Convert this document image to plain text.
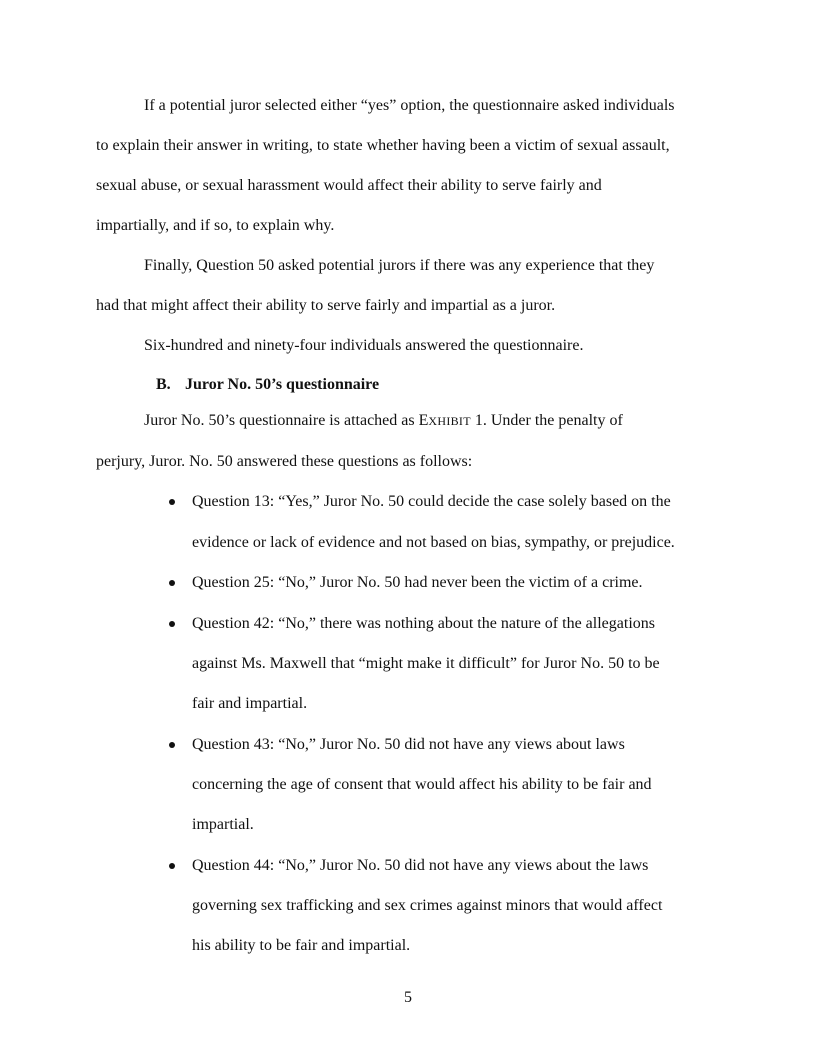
If a potential juror selected either “yes” option, the questionnaire asked individuals
to explain their answer in writing, to state whether having been a victim of sexual assault,
sexual abuse, or sexual harassment would affect their ability to serve fairly and
impartially, and if so, to explain why.
Finally, Question 50 asked potential jurors if there was any experience that they
had that might affect their ability to serve fairly and impartial as a juror.
Six-hundred and ninety-four individuals answered the questionnaire.
B. Juror No. 50’s questionnaire
Juror No. 50’s questionnaire is attached as EXHIBIT 1. Under the penalty of
perjury, Juror. No. 50 answered these questions as follows:
Question 13: “Yes,” Juror No. 50 could decide the case solely based on the
evidence or lack of evidence and not based on bias, sympathy, or prejudice.
Question 25: “No,” Juror No. 50 had never been the victim of a crime.
Question 42: “No,” there was nothing about the nature of the allegations
against Ms. Maxwell that “might make it difficult” for Juror No. 50 to be
fair and impartial.
Question 43: “No,” Juror No. 50 did not have any views about laws
concerning the age of consent that would affect his ability to be fair and
impartial.
Question 44: “No,” Juror No. 50 did not have any views about the laws
governing sex trafficking and sex crimes against minors that would affect
his ability to be fair and impartial.
5
